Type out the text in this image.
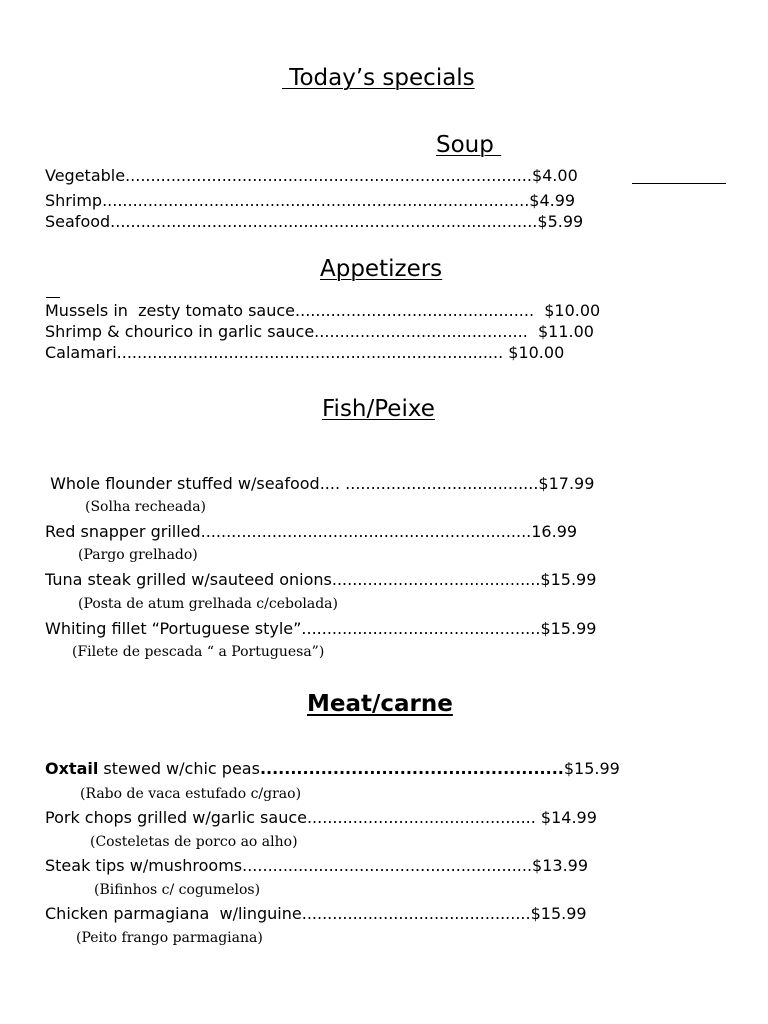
Today’s specials
Soup
Vegetable................................................................................$4.00
Shrimp....................................................................................$4.99
Seafood....................................................................................$5.99
Appetizers
Mussels in  zesty tomato sauce...............................................  $10.00
Shrimp & chourico in garlic sauce..........................................  $11.00
Calamari............................................................................ $10.00
Fish/Peixe
Whole flounder stuffed w/seafood.... ......................................$17.99
(Solha recheada)
Red snapper grilled.................................................................16.99
(Pargo grelhado)
Tuna steak grilled w/sauteed onions.........................................$15.99
(Posta de atum grelhada c/cebolada)
Whiting fillet “Portuguese style”...............................................$15.99
(Filete de pescada “ a Portuguesa”)
Meat/carne
Oxtail stewed w/chic peas..................................................$15.99
(Rabo de vaca estufado c/grao)
Pork chops grilled w/garlic sauce............................................. $14.99
(Costeletas de porco ao alho)
Steak tips w/mushrooms.........................................................$13.99
(Bifinhos c/ cogumelos)
Chicken parmagiana  w/linguine.............................................$15.99
(Peito frango parmagiana)
